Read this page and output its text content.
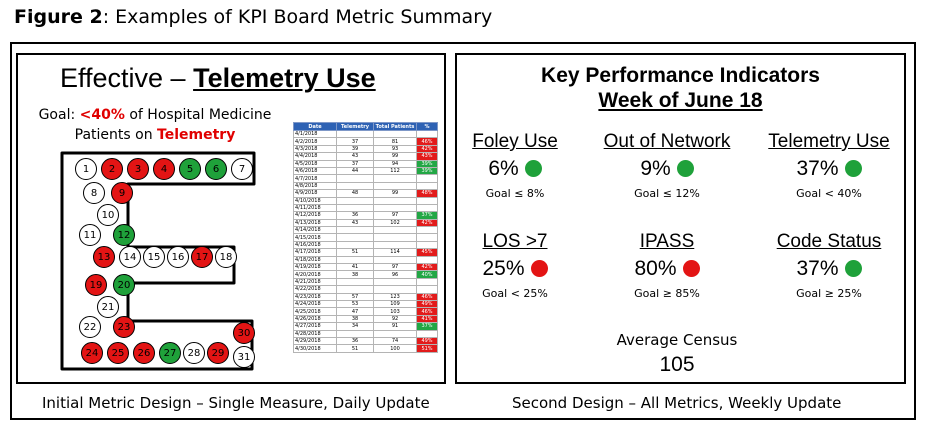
Figure 2: Examples of KPI Board Metric Summary
Effective – Telemetry Use
Goal: <40% of Hospital Medicine Patients on Telemetry
1 2 3 4 5 6 7
8 9
10
11 12
13 14 15 16 17 18
19 20
21
22 23
24 25 26 27 28 29
30
31
Date	Telemetry	Total Patients	%
4/1/2018			
4/2/2018	37	81	46%
4/3/2018	39	93	42%
4/4/2018	43	99	43%
4/5/2018	37	94	39%
4/6/2018	44	112	39%
4/7/2018			
4/8/2018			
4/9/2018	48	99	48%
4/10/2018			
4/11/2018			
4/12/2018	36	97	37%
4/13/2018	43	102	42%
4/14/2018			
4/15/2018			
4/16/2018			
4/17/2018	51	114	45%
4/18/2018			
4/19/2018	41	97	42%
4/20/2018	38	96	40%
4/21/2018			
4/22/2018			
4/23/2018	57	123	46%
4/24/2018	53	109	49%
4/25/2018	47	103	46%
4/26/2018	38	92	41%
4/27/2018	34	91	37%
4/28/2018			
4/29/2018	36	74	49%
4/30/2018	51	100	51%
Key Performance Indicators
Week of June 18
Foley Use
6%
Goal ≤ 8%
Out of Network
9%
Goal ≤ 12%
Telemetry Use
37%
Goal < 40%
LOS >7
25%
Goal < 25%
IPASS
80%
Goal ≥ 85%
Code Status
37%
Goal ≥ 25%
Average Census
105
Initial Metric Design – Single Measure, Daily Update	Second Design – All Metrics, Weekly Update
